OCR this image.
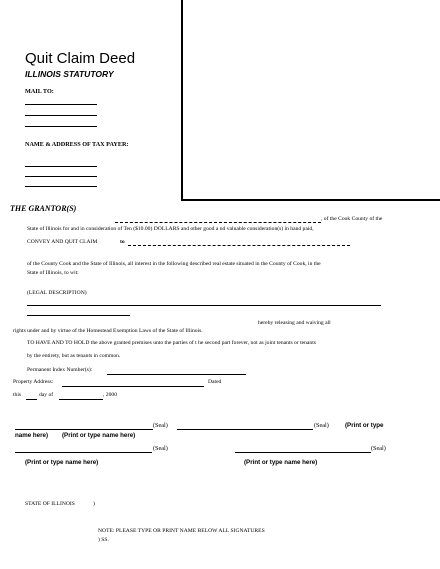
Quit Claim Deed
ILLINOIS STATUTORY
MAIL TO:
NAME & ADDRESS OF TAX PAYER:
THE GRANTOR(S)
, of the Cook County of the
State of Illinois for and in consideration of Ten ($10.00) DOLLARS and other good a nd valuable consideration(s) in hand paid,
CONVEY AND QUIT CLAIM	to
of the County Cook and the State of Illinois, all interest in the following described real estate situated in the County of Cook, in the
State of Illinois, to wit:
(LEGAL DESCRIPTION)
hereby releasing and waiving all
rights under and by virtue of the Homestead Exemption Laws of the State of Illinois.
TO HAVE AND TO HOLD the above granted premises unto the parties of t he second part forever, not as joint tenants or tenants
by the entirety, but as tenants in common.
Permanent Index Number(s):
Property Address:	Dated
this	day of	, 2000
(Seal)	(Seal)	(Print or type
name here) (Print or type name here)
(Seal)	(Seal)
(Print or type name here)	(Print or type name here)
STATE OF ILLINOIS	)
NOTE: PLEASE TYPE OR PRINT NAME BELOW ALL SIGNATURES
) SS.
